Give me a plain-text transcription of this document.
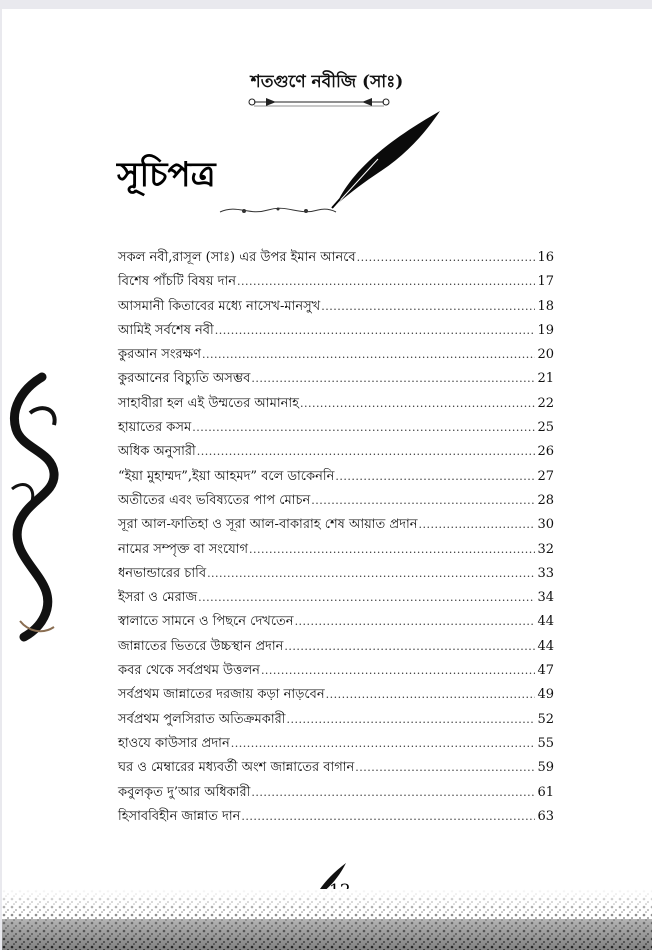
শতগুণে নবীজি (সাঃ)
সূচিপত্র
সকল নবী,রাসূল (সাঃ) এর উপর ইমান আনবে .....	16
বিশেষ পাঁচটি বিষয় দান .....	17
আসমানী কিতাবের মধ্যে নাসেখ-মানসুখ .....	18
আমিই সর্বশেষ নবী .....	19
কুরআন সংরক্ষণ .....	20
কুরআনের বিচ্যুতি অসম্ভব .....	21
সাহাবীরা হল এই উম্মতের আমানাহ .....	22
হায়াতের কসম .....	25
অধিক অনুসারী .....	26
“ইয়া মুহাম্মদ”,ইয়া আহমদ” বলে ডাকেননি .....	27
অতীতের এবং ভবিষ্যতের পাপ মোচন .....	28
সূরা আল-ফাতিহা ও সূরা আল-বাকারাহ শেষ আয়াত প্রদান .....	30
নামের সম্পৃক্ত বা সংযোগ .....	32
ধনভান্ডারের চাবি .....	33
ইসরা ও মেরাজ .....	34
স্বালাতে সামনে ও পিছনে দেখতেন .....	44
জান্নাতের ভিতরে উচ্চস্থান প্রদান .....	44
কবর থেকে সর্বপ্রথম উত্তলন .....	47
সর্বপ্রথম জান্নাতের দরজায় কড়া নাড়বেন .....	49
সর্বপ্রথম পুলসিরাত অতিক্রমকারী .....	52
হাওযে কাউসার প্রদান .....	55
ঘর ও মেম্বারের মধ্যবর্তী অংশ জান্নাতের বাগান .....	59
কবুলকৃত দু’আর অধিকারী .....	61
হিসাববিহীন জান্নাত দান .....	63
